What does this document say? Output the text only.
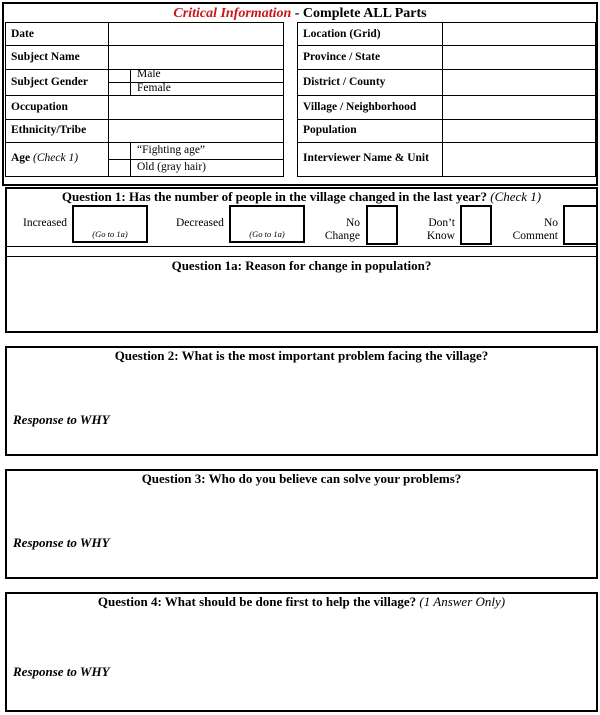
Critical Information - Complete ALL Parts
Date
Subject Name
Subject Gender
Male
Female
Occupation
Ethnicity/Tribe
Age (Check 1)
“Fighting age”
Old (gray hair)
Location (Grid)
Province / State
District / County
Village / Neighborhood
Population
Interviewer Name & Unit
Question 1: Has the number of people in the village changed in the last year? (Check 1)
Increased
(Go to 1a)
Decreased
(Go to 1a)
No
Change
Don’t
Know
No
Comment
Question 1a: Reason for change in population?
Question 2: What is the most important problem facing the village?
Response to WHY
Question 3: Who do you believe can solve your problems?
Response to WHY
Question 4: What should be done first to help the village? (1 Answer Only)
Response to WHY
